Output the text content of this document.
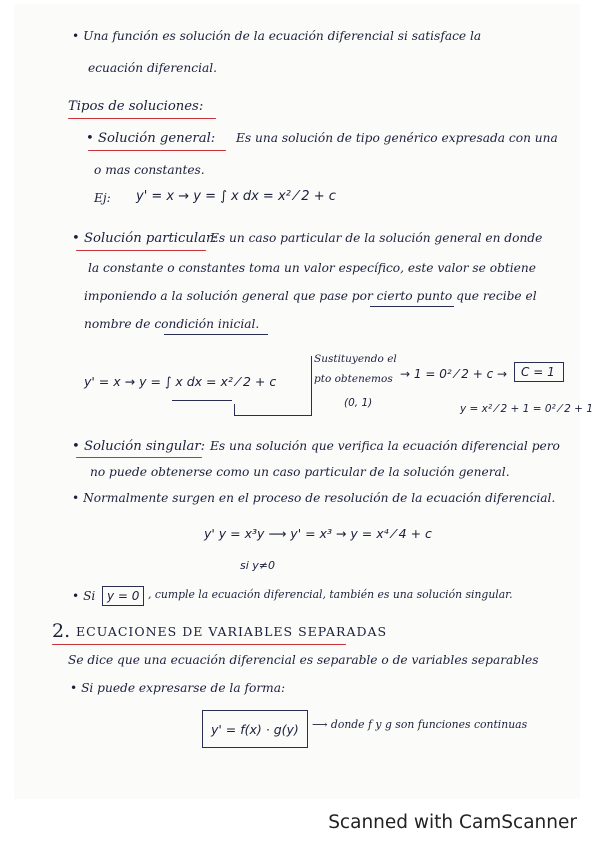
• Una función es solución de la ecuación diferencial si satisface la
ecuación diferencial.
Tipos de soluciones:
• Solución general: Es una solución de tipo genérico expresada con una
o mas constantes.
Ej: y' = x → y = ∫ x dx = x² ⁄ 2 + c
• Solución particular:
Es un caso particular de la solución general en donde
la constante o constantes toma un valor específico, este valor se obtiene
imponiendo a la solución general que pase por cierto punto que recibe el
nombre de condición inicial.
y' = x → y = ∫ x dx = x² ⁄ 2 + c
Sustituyendo el
pto obtenemos
(0, 1)
→ 1 = 0² ⁄ 2 + c → C = 1
y = x² ⁄ 2 + 1 = 0² ⁄ 2 + 1
• Solución singular: Es una solución que verifica la ecuación diferencial pero
no puede obtenerse como un caso particular de la solución general.
• Normalmente surgen en el proceso de resolución de la ecuación diferencial.
y' y = x³y ⟶ y' = x³ → y = x⁴ ⁄ 4 + c
si y≠0
• Si y = 0 , cumple la ecuación diferencial, también es una solución singular.
2. ECUACIONES DE VARIABLES SEPARADAS
Se dice que una ecuación diferencial es separable o de variables separables
• Si puede expresarse de la forma:
y' = f(x) · g(y) ⟶ donde f y g son funciones continuas
Scanned with CamScanner
